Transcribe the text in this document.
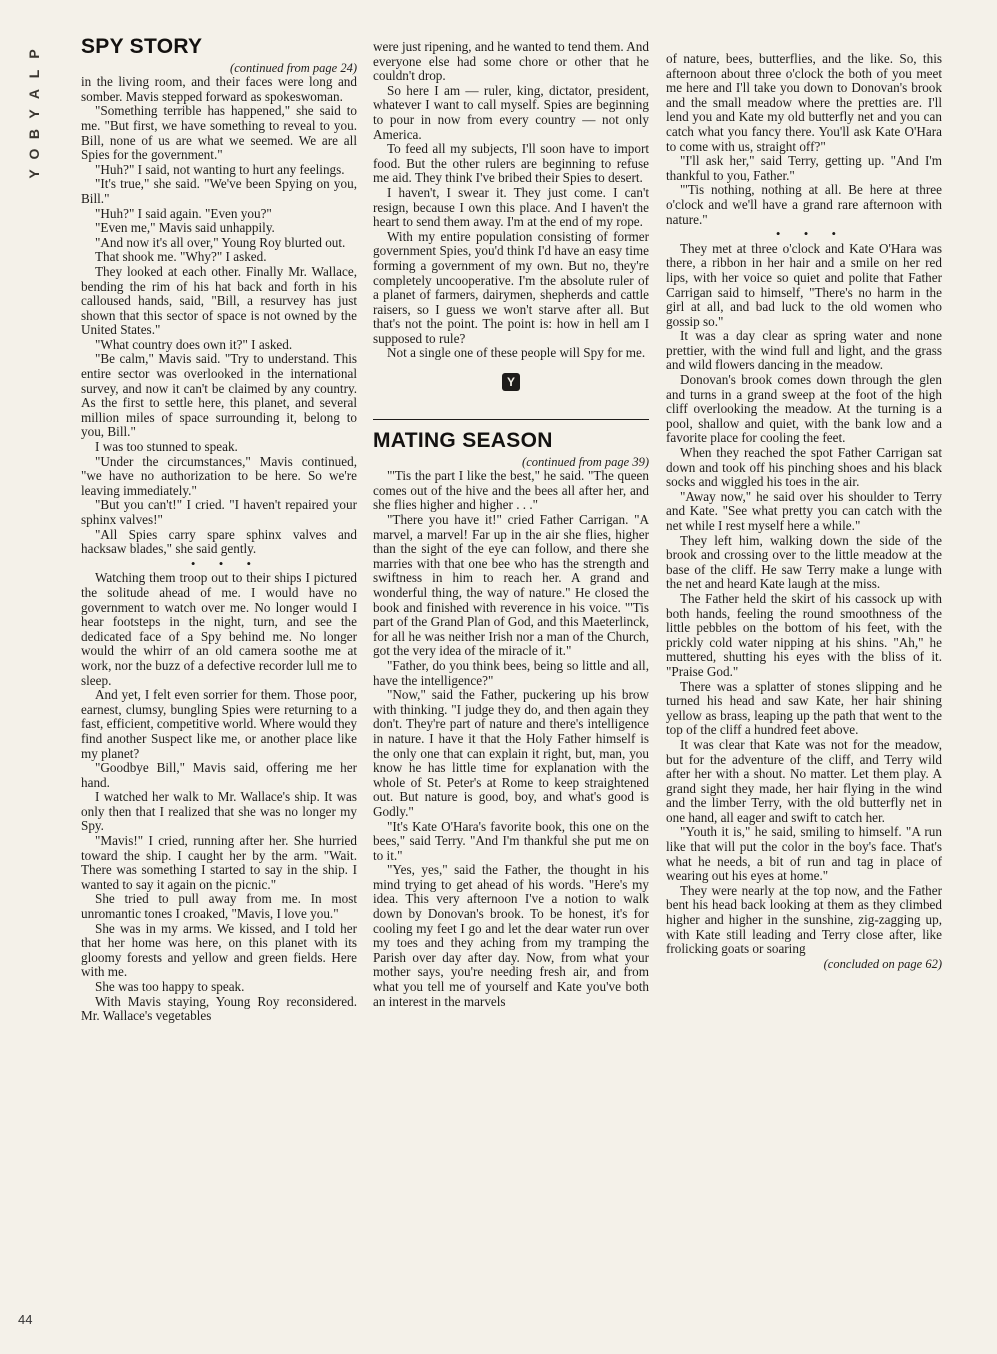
P
L
A
Y
B
O
Y
44
SPY STORY

(continued from page 24)

in the living room, and their faces were long and somber. Mavis stepped forward as spokeswoman.

"Something terrible has happened," she said to me. "But first, we have something to reveal to you. Bill, none of us are what we seemed. We are all Spies for the government."

"Huh?" I said, not wanting to hurt any feelings.

"It's true," she said. "We've been Spying on you, Bill."

"Huh?" I said again. "Even you?"

"Even me," Mavis said unhappily.

"And now it's all over," Young Roy blurted out.

That shook me. "Why?" I asked.

They looked at each other. Finally Mr. Wallace, bending the rim of his hat back and forth in his calloused hands, said, "Bill, a resurvey has just shown that this sector of space is not owned by the United States."

"What country does own it?" I asked.

"Be calm," Mavis said. "Try to understand. This entire sector was overlooked in the international survey, and now it can't be claimed by any country. As the first to settle here, this planet, and several million miles of space surrounding it, belong to you, Bill."

I was too stunned to speak.

"Under the circumstances," Mavis continued, "we have no authorization to be here. So we're leaving immediately."

"But you can't!" I cried. "I haven't repaired your sphinx valves!"

"All Spies carry spare sphinx valves and hacksaw blades," she said gently.

• • •

Watching them troop out to their ships I pictured the solitude ahead of me. I would have no government to watch over me. No longer would I hear footsteps in the night, turn, and see the dedicated face of a Spy behind me. No longer would the whirr of an old camera soothe me at work, nor the buzz of a defective recorder lull me to sleep.

And yet, I felt even sorrier for them. Those poor, earnest, clumsy, bungling Spies were returning to a fast, efficient, competitive world. Where would they find another Suspect like me, or another place like my planet?

"Goodbye Bill," Mavis said, offering me her hand.

I watched her walk to Mr. Wallace's ship. It was only then that I realized that she was no longer my Spy.

"Mavis!" I cried, running after her. She hurried toward the ship. I caught her by the arm. "Wait. There was something I started to say in the ship. I wanted to say it again on the picnic."

She tried to pull away from me. In most unromantic tones I croaked, "Mavis, I love you."

She was in my arms. We kissed, and I told her that her home was here, on this planet with its gloomy forests and yellow and green fields. Here with me.

She was too happy to speak.

With Mavis staying, Young Roy reconsidered. Mr. Wallace's vegetables

were just ripening, and he wanted to tend them. And everyone else had some chore or other that he couldn't drop.

So here I am — ruler, king, dictator, president, whatever I want to call myself. Spies are beginning to pour in now from every country — not only America.

To feed all my subjects, I'll soon have to import food. But the other rulers are beginning to refuse me aid. They think I've bribed their Spies to desert.

I haven't, I swear it. They just come. I can't resign, because I own this place. And I haven't the heart to send them away. I'm at the end of my rope.

With my entire population consisting of former government Spies, you'd think I'd have an easy time forming a government of my own. But no, they're completely uncooperative. I'm the absolute ruler of a planet of farmers, dairymen, shepherds and cattle raisers, so I guess we won't starve after all. But that's not the point. The point is: how in hell am I supposed to rule?

Not a single one of these people will Spy for me.

Y
MATING SEASON

(continued from page 39)

"'Tis the part I like the best," he said. "The queen comes out of the hive and the bees all after her, and she flies higher and higher . . ."

"There you have it!" cried Father Carrigan. "A marvel, a marvel! Far up in the air she flies, higher than the sight of the eye can follow, and there she marries with that one bee who has the strength and swiftness in him to reach her. A grand and wonderful thing, the way of nature." He closed the book and finished with reverence in his voice. "'Tis part of the Grand Plan of God, and this Maeterlinck, for all he was neither Irish nor a man of the Church, got the very idea of the miracle of it."

"Father, do you think bees, being so little and all, have the intelligence?"

"Now," said the Father, puckering up his brow with thinking. "I judge they do, and then again they don't. They're part of nature and there's intelligence in nature. I have it that the Holy Father himself is the only one that can explain it right, but, man, you know he has little time for explanation with the whole of St. Peter's at Rome to keep straightened out. But nature is good, boy, and what's good is Godly."

"It's Kate O'Hara's favorite book, this one on the bees," said Terry. "And I'm thankful she put me on to it."

"Yes, yes," said the Father, the thought in his mind trying to get ahead of his words. "Here's my idea. This very afternoon I've a notion to walk down by Donovan's brook. To be honest, it's for cooling my feet I go and let the dear water run over my toes and they aching from my tramping the Parish over day after day. Now, from what your mother says, you're needing fresh air, and from what you tell me of yourself and Kate you've both an interest in the marvels

of nature, bees, butterflies, and the like. So, this afternoon about three o'clock the both of you meet me here and I'll take you down to Donovan's brook and the small meadow where the pretties are. I'll lend you and Kate my old butterfly net and you can catch what you fancy there. You'll ask Kate O'Hara to come with us, straight off?"

"I'll ask her," said Terry, getting up. "And I'm thankful to you, Father."

"'Tis nothing, nothing at all. Be here at three o'clock and we'll have a grand rare afternoon with nature."

• • •

They met at three o'clock and Kate O'Hara was there, a ribbon in her hair and a smile on her red lips, with her voice so quiet and polite that Father Carrigan said to himself, "There's no harm in the girl at all, and bad luck to the old women who gossip so."

It was a day clear as spring water and none prettier, with the wind full and light, and the grass and wild flowers dancing in the meadow.

Donovan's brook comes down through the glen and turns in a grand sweep at the foot of the high cliff overlooking the meadow. At the turning is a pool, shallow and quiet, with the bank low and a favorite place for cooling the feet.

When they reached the spot Father Carrigan sat down and took off his pinching shoes and his black socks and wiggled his toes in the air.

"Away now," he said over his shoulder to Terry and Kate. "See what pretty you can catch with the net while I rest myself here a while."

They left him, walking down the side of the brook and crossing over to the little meadow at the base of the cliff. He saw Terry make a lunge with the net and heard Kate laugh at the miss.

The Father held the skirt of his cassock up with both hands, feeling the round smoothness of the little pebbles on the bottom of his feet, with the prickly cold water nipping at his shins. "Ah," he muttered, shutting his eyes with the bliss of it. "Praise God."

There was a splatter of stones slipping and he turned his head and saw Kate, her hair shining yellow as brass, leaping up the path that went to the top of the cliff a hundred feet above.

It was clear that Kate was not for the meadow, but for the adventure of the cliff, and Terry wild after her with a shout. No matter. Let them play. A grand sight they made, her hair flying in the wind and the limber Terry, with the old butterfly net in one hand, all eager and swift to catch her.

"Youth it is," he said, smiling to himself. "A run like that will put the color in the boy's face. That's what he needs, a bit of run and tag in place of wearing out his eyes at home."

They were nearly at the top now, and the Father bent his head back looking at them as they climbed higher and higher in the sunshine, zig-zagging up, with Kate still leading and Terry close after, like frolicking goats or soaring

(concluded on page 62)
